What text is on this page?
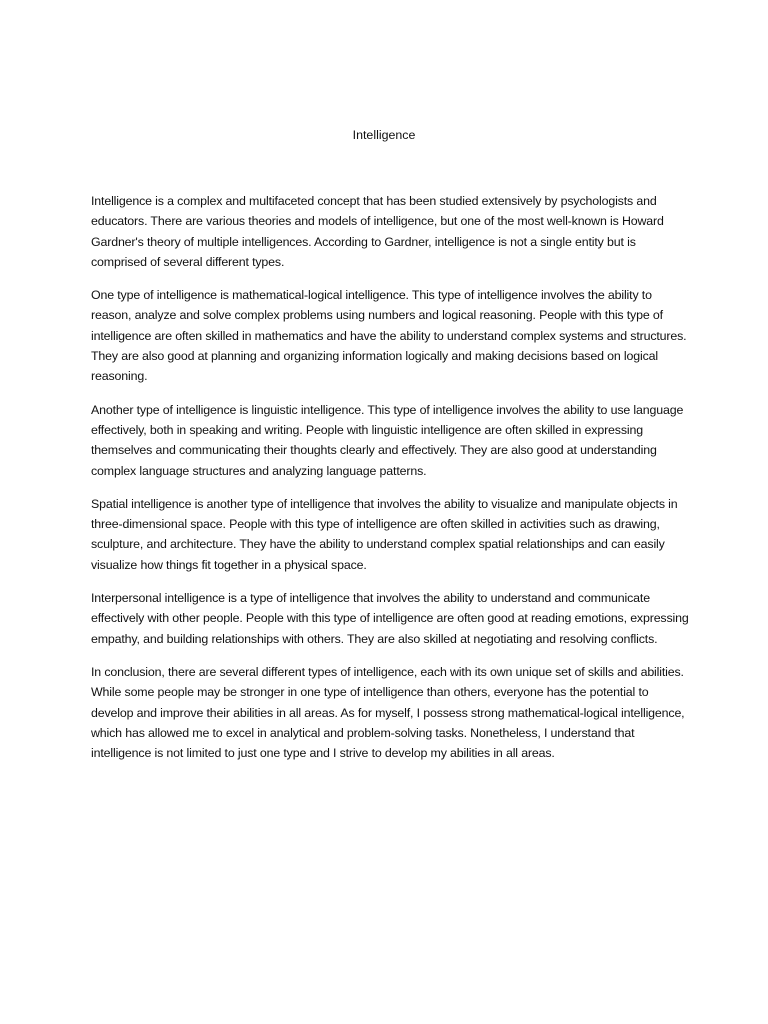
Intelligence

Intelligence is a complex and multifaceted concept that has been studied extensively by psychologists and educators. There are various theories and models of intelligence, but one of the most well-known is Howard Gardner's theory of multiple intelligences. According to Gardner, intelligence is not a single entity but is comprised of several different types.

One type of intelligence is mathematical-logical intelligence. This type of intelligence involves the ability to reason, analyze and solve complex problems using numbers and logical reasoning. People with this type of intelligence are often skilled in mathematics and have the ability to understand complex systems and structures. They are also good at planning and organizing information logically and making decisions based on logical reasoning.

Another type of intelligence is linguistic intelligence. This type of intelligence involves the ability to use language effectively, both in speaking and writing. People with linguistic intelligence are often skilled in expressing themselves and communicating their thoughts clearly and effectively. They are also good at understanding complex language structures and analyzing language patterns.

Spatial intelligence is another type of intelligence that involves the ability to visualize and manipulate objects in three-dimensional space. People with this type of intelligence are often skilled in activities such as drawing, sculpture, and architecture. They have the ability to understand complex spatial relationships and can easily visualize how things fit together in a physical space.

Interpersonal intelligence is a type of intelligence that involves the ability to understand and communicate effectively with other people. People with this type of intelligence are often good at reading emotions, expressing empathy, and building relationships with others. They are also skilled at negotiating and resolving conflicts.

In conclusion, there are several different types of intelligence, each with its own unique set of skills and abilities. While some people may be stronger in one type of intelligence than others, everyone has the potential to develop and improve their abilities in all areas. As for myself, I possess strong mathematical-logical intelligence, which has allowed me to excel in analytical and problem-solving tasks. Nonetheless, I understand that intelligence is not limited to just one type and I strive to develop my abilities in all areas.
